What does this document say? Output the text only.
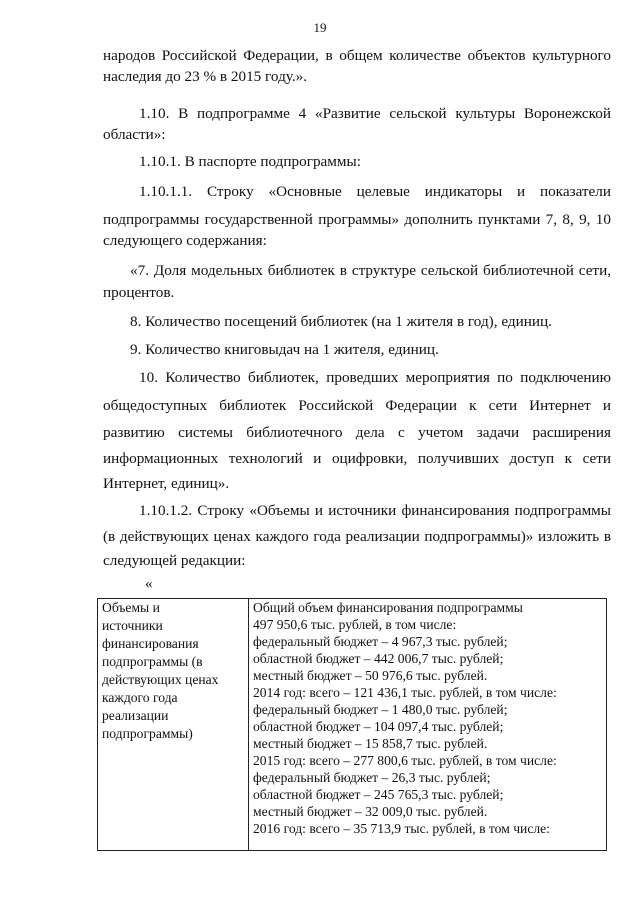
19
народов Российской Федерации, в общем количестве объектов культурного
наследия до 23 % в 2015 году.».
1.10. В подпрограмме 4 «Развитие сельской культуры Воронежской
области»:
1.10.1. В паспорте подпрограммы:
1.10.1.1. Строку «Основные целевые индикаторы и показатели
подпрограммы государственной программы» дополнить пунктами 7, 8, 9, 10
следующего содержания:
«7. Доля модельных библиотек в структуре сельской библиотечной сети,
процентов.
8. Количество посещений библиотек (на 1 жителя в год), единиц.
9. Количество книговыдач на 1 жителя, единиц.
10. Количество библиотек, проведших мероприятия по подключению
общедоступных библиотек Российской Федерации к сети Интернет и
развитию системы библиотечного дела с учетом задачи расширения
информационных технологий и оцифровки, получивших доступ к сети
Интернет, единиц».
1.10.1.2. Строку «Объемы и источники финансирования подпрограммы
(в действующих ценах каждого года реализации подпрограммы)» изложить в
следующей редакции:
«
Объемы и
источники
финансирования
подпрограммы (в
действующих ценах
каждого года
реализации
подпрограммы)

Общий объем финансирования подпрограммы
497 950,6 тыс. рублей, в том числе:
федеральный бюджет – 4 967,3 тыс. рублей;
областной бюджет – 442 006,7 тыс. рублей;
местный бюджет – 50 976,6 тыс. рублей.
2014 год: всего – 121 436,1 тыс. рублей, в том числе:
федеральный бюджет – 1 480,0 тыс. рублей;
областной бюджет – 104 097,4 тыс. рублей;
местный бюджет – 15 858,7 тыс. рублей.
2015 год: всего – 277 800,6 тыс. рублей, в том числе:
федеральный бюджет – 26,3 тыс. рублей;
областной бюджет – 245 765,3 тыс. рублей;
местный бюджет – 32 009,0 тыс. рублей.
2016 год: всего – 35 713,9 тыс. рублей, в том числе:
